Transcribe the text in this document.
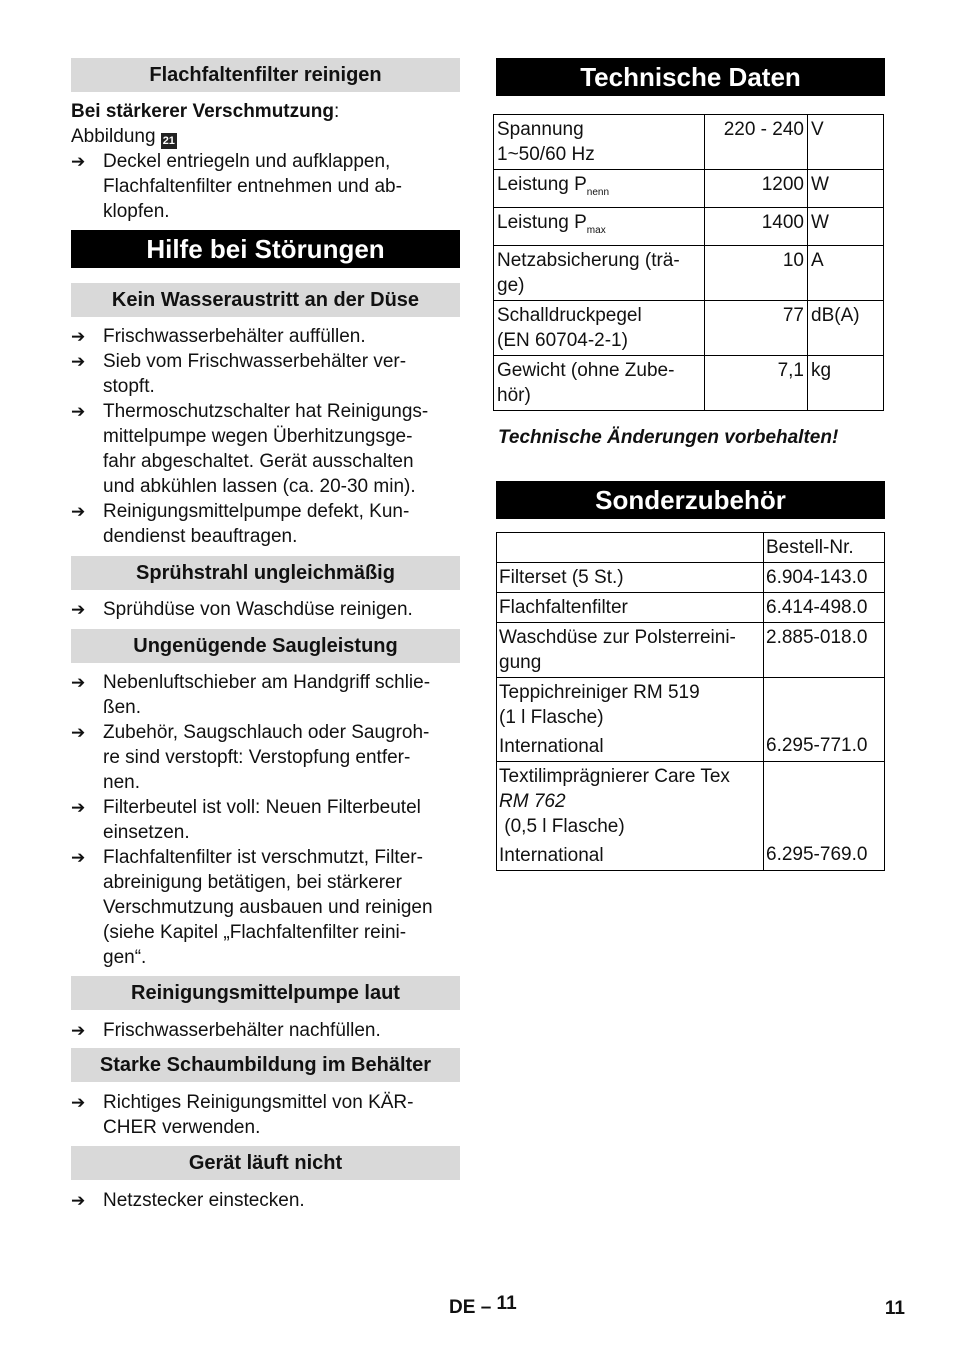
Flachfaltenfilter reinigen
Bei stärkerer Verschmutzung:
Abbildung 21
➔ Deckel entriegeln und aufklappen,
Flachfaltenfilter entnehmen und ab-
klopfen.
Hilfe bei Störungen
Kein Wasseraustritt an der Düse
➔ Frischwasserbehälter auffüllen.
➔ Sieb vom Frischwasserbehälter ver-
stopft.
➔ Thermoschutzschalter hat Reinigungs-
mittelpumpe wegen Überhitzungsge-
fahr abgeschaltet. Gerät ausschalten
und abkühlen lassen (ca. 20-30 min).
➔ Reinigungsmittelpumpe defekt, Kun-
dendienst beauftragen.
Sprühstrahl ungleichmäßig
➔ Sprühdüse von Waschdüse reinigen.
Ungenügende Saugleistung
➔ Nebenluftschieber am Handgriff schlie-
ßen.
➔ Zubehör, Saugschlauch oder Saugroh-
re sind verstopft: Verstopfung entfer-
nen.
➔ Filterbeutel ist voll: Neuen Filterbeutel
einsetzen.
➔ Flachfaltenfilter ist verschmutzt, Filter-
abreinigung betätigen, bei stärkerer
Verschmutzung ausbauen und reinigen
(siehe Kapitel „Flachfaltenfilter reini-
gen“.
Reinigungsmittelpumpe laut
➔ Frischwasserbehälter nachfüllen.
Starke Schaumbildung im Behälter
➔ Richtiges Reinigungsmittel von KÄR-
CHER verwenden.
Gerät läuft nicht
➔ Netzstecker einstecken.
Technische Daten
Spannung
1~50/60 Hz	220 - 240	V
Leistung $P_{nenn}$	1200	W
Leistung $P_{max}$	1400	W
Netzabsicherung (trä-
ge)	10	A
Schalldruckpegel
(EN 60704-2-1)	77	dB(A)
Gewicht (ohne Zube-
hör)	7,1	kg
Technische Änderungen vorbehalten!
Sonderzubehör
	Bestell-Nr.
Filterset (5 St.)	6.904-143.0
Flachfaltenfilter	6.414-498.0
Waschdüse zur Polsterreini-
gung	2.885-018.0

Teppichreiniger RM 519
(1 l Flasche)
International	6.295-771.0

Textilimprägnierer Care Tex
RM 762
(0,5 l Flasche)
International	6.295-769.0
DE – 11	11
